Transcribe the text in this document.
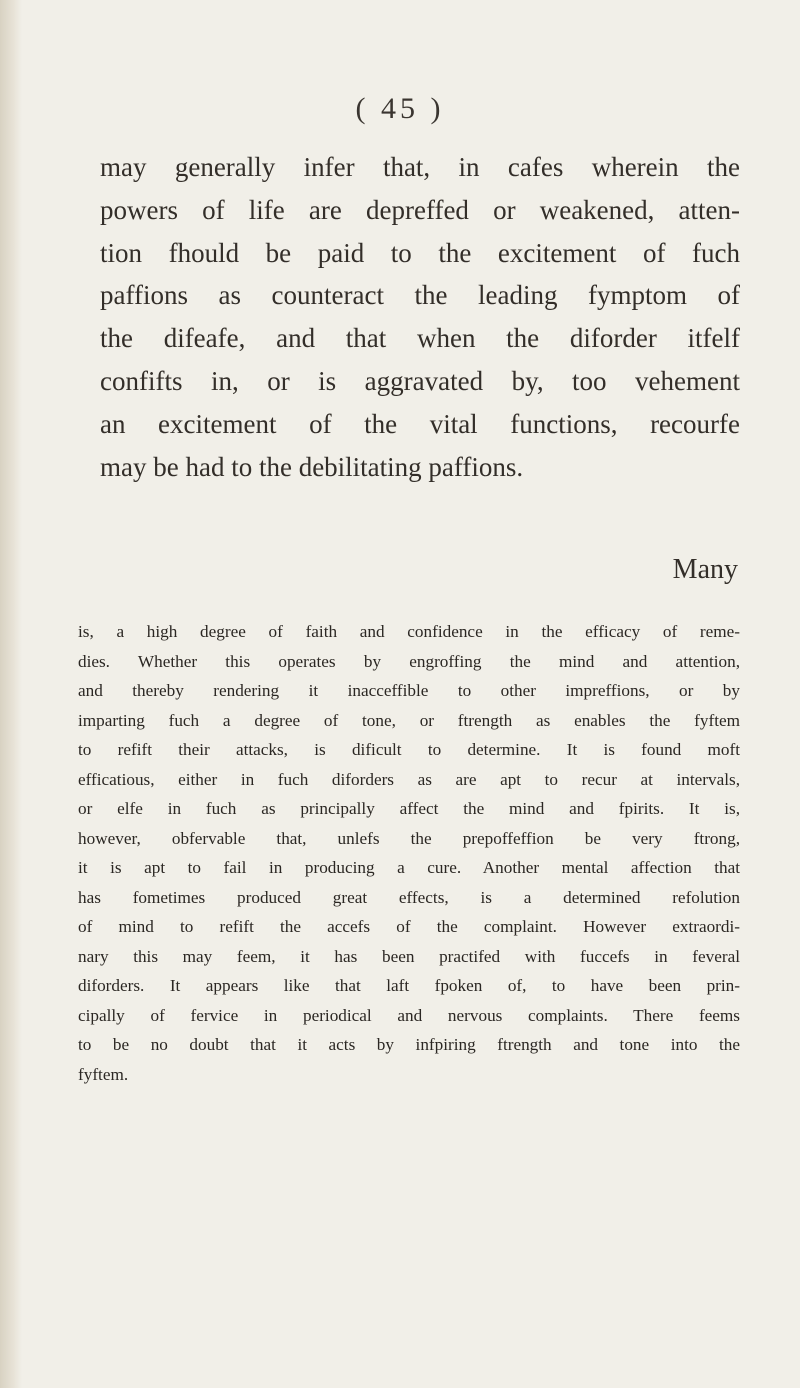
( 45 )
may generally infer that, in cafes wherein the
powers of life are depreffed or weakened, atten-
tion fhould be paid to the excitement of fuch
paffions as counteract the leading fymptom of
the difeafe, and that when the diforder itfelf
confifts in, or is aggravated by, too vehement
an excitement of the vital functions, recourfe
may be had to the debilitating paffions.
Many
is, a high degree of faith and confidence in the efficacy of reme-
dies. Whether this operates by engroffing the mind and attention,
and thereby rendering it inacceffible to other impreffions, or by
imparting fuch a degree of tone, or ftrength as enables the fyftem
to refift their attacks, is dificult to determine. It is found moft
efficatious, either in fuch diforders as are apt to recur at intervals,
or elfe in fuch as principally affect the mind and fpirits. It is,
however, obfervable that, unlefs the prepoffeffion be very ftrong,
it is apt to fail in producing a cure. Another mental affection that
has fometimes produced great effects, is a determined refolution
of mind to refift the accefs of the complaint. However extraordi-
nary this may feem, it has been practifed with fuccefs in feveral
diforders. It appears like that laft fpoken of, to have been prin-
cipally of fervice in periodical and nervous complaints. There feems
to be no doubt that it acts by infpiring ftrength and tone into the
fyftem.
